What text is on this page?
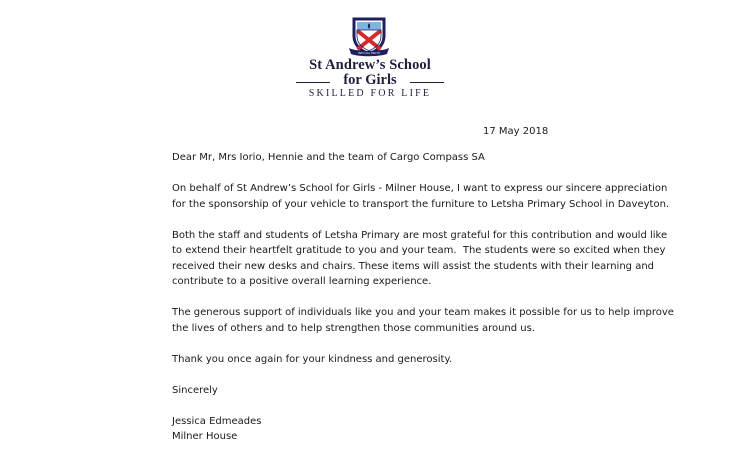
INTO ALL TRUTH
St Andrew’s School
for Girls
SKILLED FOR LIFE
17 May 2018

Dear Mr, Mrs Iorio, Hennie and the team of Cargo Compass SA

On behalf of St Andrew’s School for Girls - Milner House, I want to express our sincere appreciation
for the sponsorship of your vehicle to transport the furniture to Letsha Primary School in Daveyton.

Both the staff and students of Letsha Primary are most grateful for this contribution and would like
to extend their heartfelt gratitude to you and your team.  The students were so excited when they
received their new desks and chairs. These items will assist the students with their learning and
contribute to a positive overall learning experience.

The generous support of individuals like you and your team makes it possible for us to help improve
the lives of others and to help strengthen those communities around us.

Thank you once again for your kindness and generosity.

Sincerely

Jessica Edmeades
Milner House
